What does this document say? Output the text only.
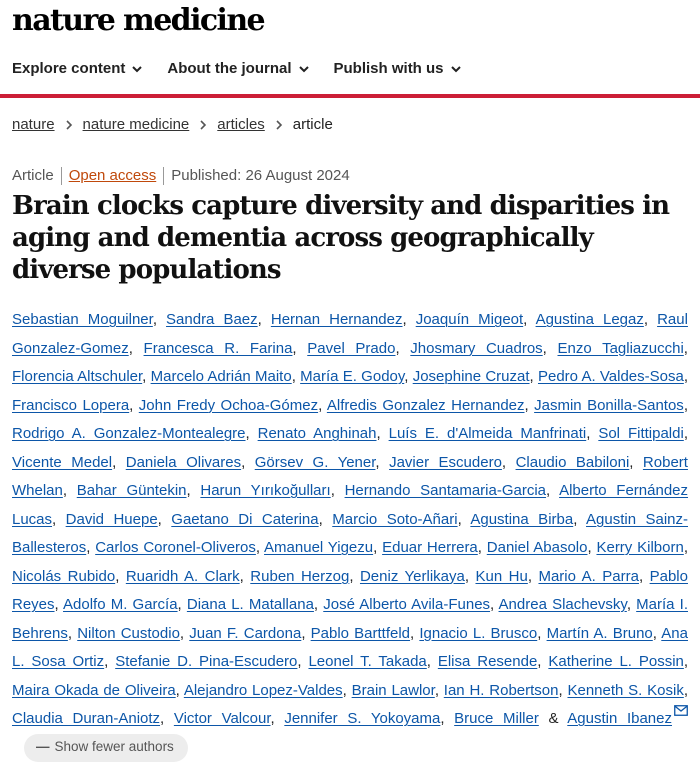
nature medicine
Explore content	About the journal	Publish with us
nature nature medicine articles article
Article Open access Published: 26 August 2024
Brain clocks capture diversity and disparities in aging and dementia across geographically diverse populations
Sebastian Moguilner, Sandra Baez, Hernan Hernandez, Joaquín Migeot, Agustina Legaz, Raul Gonzalez-Gomez, Francesca R. Farina, Pavel Prado, Jhosmary Cuadros, Enzo Tagliazucchi, Florencia Altschuler, Marcelo Adrián Maito, María E. Godoy, Josephine Cruzat, Pedro A. Valdes-Sosa, Francisco Lopera, John Fredy Ochoa-Gómez, Alfredis Gonzalez Hernandez, Jasmin Bonilla-Santos, Rodrigo A. Gonzalez-Montealegre, Renato Anghinah, Luís E. d'Almeida Manfrinati, Sol Fittipaldi, Vicente Medel, Daniela Olivares, Görsev G. Yener, Javier Escudero, Claudio Babiloni, Robert Whelan, Bahar Güntekin, Harun Yırıkoğulları, Hernando Santamaria-Garcia, Alberto Fernández Lucas, David Huepe, Gaetano Di Caterina, Marcio Soto-Añari, Agustina Birba, Agustin Sainz-Ballesteros, Carlos Coronel-Oliveros, Amanuel Yigezu, Eduar Herrera, Daniel Abasolo, Kerry Kilborn, Nicolás Rubido, Ruaridh A. Clark, Ruben Herzog, Deniz Yerlikaya, Kun Hu, Mario A. Parra, Pablo Reyes, Adolfo M. García, Diana L. Matallana, José Alberto Avila-Funes, Andrea Slachevsky, María I. Behrens, Nilton Custodio, Juan F. Cardona, Pablo Barttfeld, Ignacio L. Brusco, Martín A. Bruno, Ana L. Sosa Ortiz, Stefanie D. Pina-Escudero, Leonel T. Takada, Elisa Resende, Katherine L. Possin, Maira Okada de Oliveira, Alejandro Lopez-Valdes, Brain Lawlor, Ian H. Robertson, Kenneth S. Kosik, Claudia Duran-Aniotz, Victor Valcour, Jennifer S. Yokoyama, Bruce Miller & Agustin Ibanez
— Show fewer authors
